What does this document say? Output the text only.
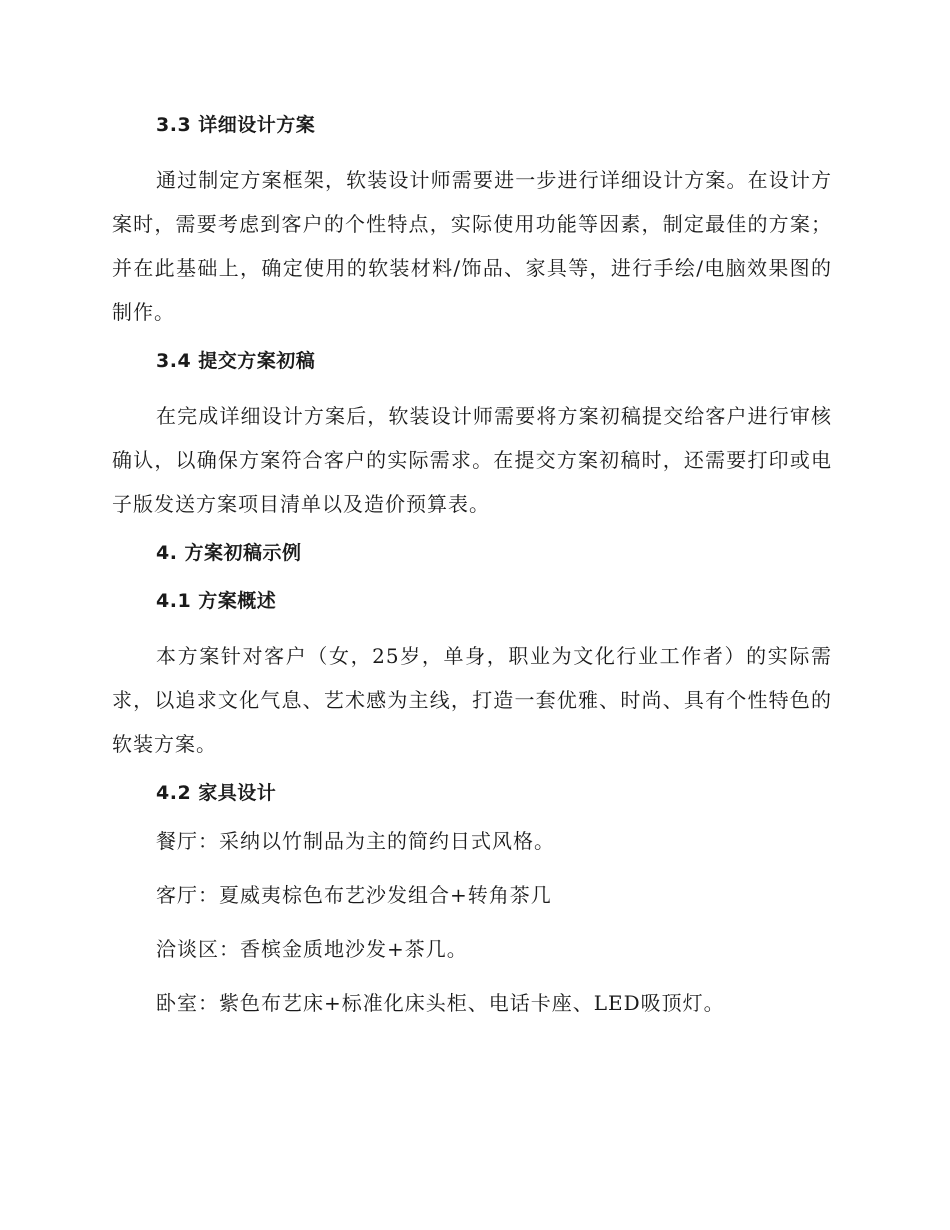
3.3 详细设计方案

通过制定方案框架，软装设计师需要进一步进行详细设计方案。在设计方案时，需要考虑到客户的个性特点，实际使用功能等因素，制定最佳的方案；并在此基础上，确定使用的软装材料/饰品、家具等，进行手绘/电脑效果图的制作。

3.4 提交方案初稿

在完成详细设计方案后，软装设计师需要将方案初稿提交给客户进行审核确认，以确保方案符合客户的实际需求。在提交方案初稿时，还需要打印或电子版发送方案项目清单以及造价预算表。

4. 方案初稿示例
4.1 方案概述

本方案针对客户（女，25岁，单身，职业为文化行业工作者）的实际需求，以追求文化气息、艺术感为主线，打造一套优雅、时尚、具有个性特色的软装方案。

4.2 家具设计

餐厅：采纳以竹制品为主的简约日式风格。

客厅：夏威夷棕色布艺沙发组合+转角茶几

洽谈区：香槟金质地沙发+茶几。

卧室：紫色布艺床+标准化床头柜、电话卡座、LED吸顶灯。
